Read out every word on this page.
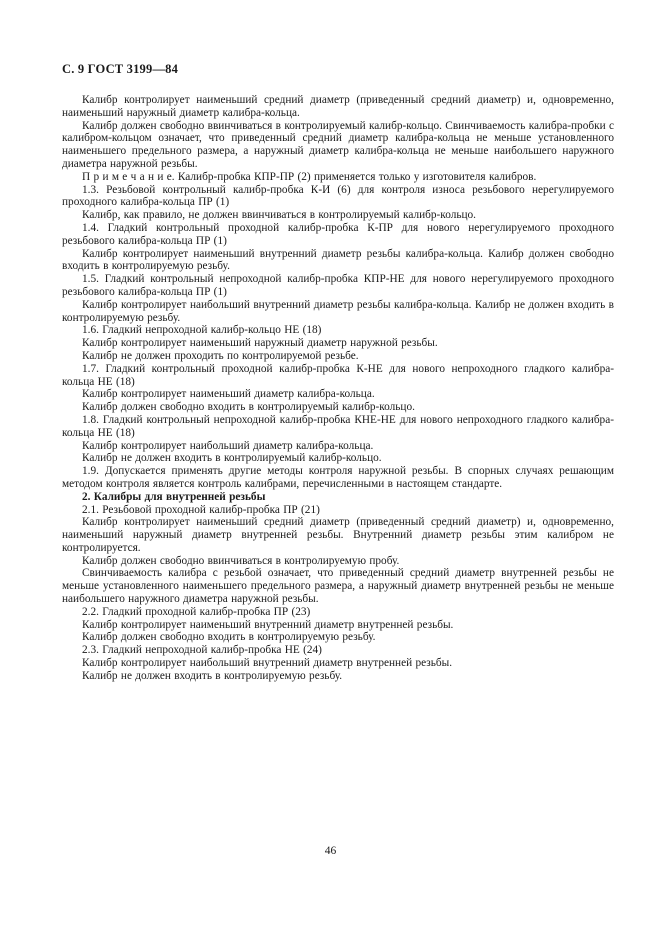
С. 9 ГОСТ 3199—84

Калибр контролирует наименьший средний диаметр (приведенный средний диаметр) и, одновременно, наименьший наружный диаметр калибра-кольца.

Калибр должен свободно ввинчиваться в контролируемый калибр-кольцо. Свинчиваемость калибра-пробки с калибром-кольцом означает, что приведенный средний диаметр калибра-кольца не меньше установленного наименьшего предельного размера, а наружный диаметр калибра-кольца не меньше наибольшего наружного диаметра наружной резьбы.

П р и м е ч а н и е. Калибр-пробка КПР-ПР (2) применяется только у изготовителя калибров.

1.3. Резьбовой контрольный калибр-пробка К-И (6) для контроля износа резьбового нерегулируемого проходного калибра-кольца ПР (1)

Калибр, как правило, не должен ввинчиваться в контролируемый калибр-кольцо.

1.4. Гладкий контрольный проходной калибр-пробка К-ПР для нового нерегулируемого проходного резьбового калибра-кольца ПР (1)

Калибр контролирует наименьший внутренний диаметр резьбы калибра-кольца. Калибр должен свободно входить в контролируемую резьбу.

1.5. Гладкий контрольный непроходной калибр-пробка КПР-НЕ для нового нерегулируемого проходного резьбового калибра-кольца ПР (1)

Калибр контролирует наибольший внутренний диаметр резьбы калибра-кольца. Калибр не должен входить в контролируемую резьбу.

1.6. Гладкий непроходной калибр-кольцо НЕ (18)

Калибр контролирует наименьший наружный диаметр наружной резьбы.

Калибр не должен проходить по контролируемой резьбе.

1.7. Гладкий контрольный проходной калибр-пробка К-НЕ для нового непроходного гладкого калибра-кольца НЕ (18)

Калибр контролирует наименьший диаметр калибра-кольца.

Калибр должен свободно входить в контролируемый калибр-кольцо.

1.8. Гладкий контрольный непроходной калибр-пробка КНЕ-НЕ для нового непроходного гладкого калибра-кольца НЕ (18)

Калибр контролирует наибольший диаметр калибра-кольца.

Калибр не должен входить в контролируемый калибр-кольцо.

1.9. Допускается применять другие методы контроля наружной резьбы. В спорных случаях решающим методом контроля является контроль калибрами, перечисленными в настоящем стандарте.

2. Калибры для внутренней резьбы

2.1. Резьбовой проходной калибр-пробка ПР (21)

Калибр контролирует наименьший средний диаметр (приведенный средний диаметр) и, одновременно, наименьший наружный диаметр внутренней резьбы. Внутренний диаметр резьбы этим калибром не контролируется.

Калибр должен свободно ввинчиваться в контролируемую пробу.

Свинчиваемость калибра с резьбой означает, что приведенный средний диаметр внутренней резьбы не меньше установленного наименьшего предельного размера, а наружный диаметр внутренней резьбы не меньше наибольшего наружного диаметра наружной резьбы.

2.2. Гладкий проходной калибр-пробка ПР (23)

Калибр контролирует наименьший внутренний диаметр внутренней резьбы.

Калибр должен свободно входить в контролируемую резьбу.

2.3. Гладкий непроходной калибр-пробка НЕ (24)

Калибр контролирует наибольший внутренний диаметр внутренней резьбы.

Калибр не должен входить в контролируемую резьбу.

46
